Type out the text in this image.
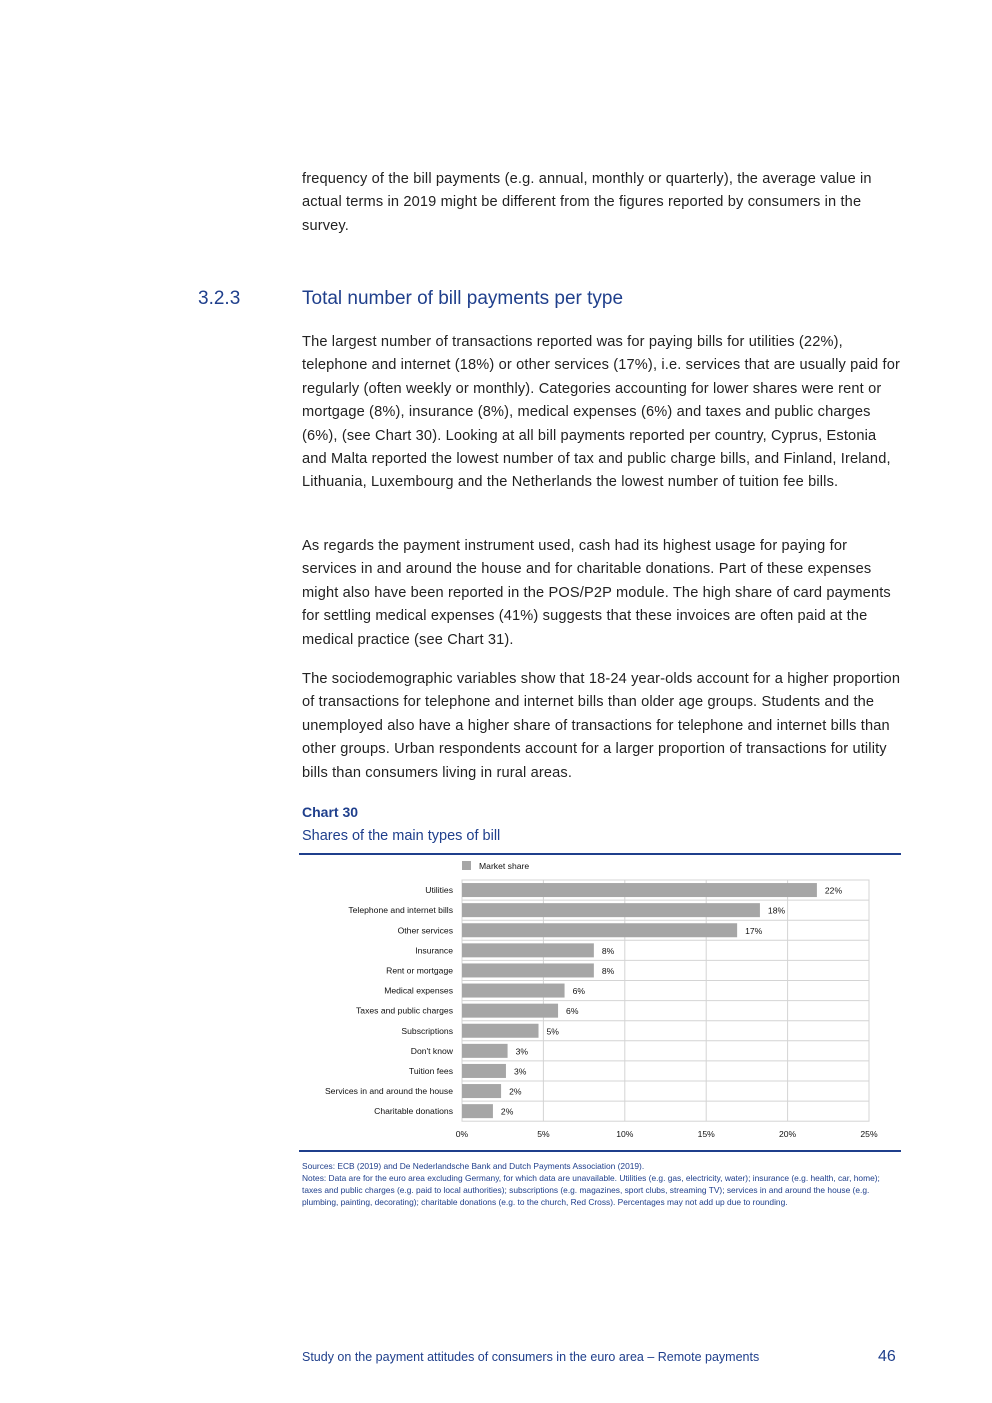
frequency of the bill payments (e.g. annual, monthly or quarterly), the average value in actual terms in 2019 might be different from the figures reported by consumers in the survey.

3.2.3	Total number of bill payments per type

The largest number of transactions reported was for paying bills for utilities (22%), telephone and internet (18%) or other services (17%), i.e. services that are usually paid for regularly (often weekly or monthly). Categories accounting for lower shares were rent or mortgage (8%), insurance (8%), medical expenses (6%) and taxes and public charges (6%), (see Chart 30). Looking at all bill payments reported per country, Cyprus, Estonia and Malta reported the lowest number of tax and public charge bills, and Finland, Ireland, Lithuania, Luxembourg and the Netherlands the lowest number of tuition fee bills.

As regards the payment instrument used, cash had its highest usage for paying for services in and around the house and for charitable donations. Part of these expenses might also have been reported in the POS/P2P module. The high share of card payments for settling medical expenses (41%) suggests that these invoices are often paid at the medical practice (see Chart 31).

The sociodemographic variables show that 18-24 year-olds account for a higher proportion of transactions for telephone and internet bills than older age groups. Students and the unemployed also have a higher share of transactions for telephone and internet bills than other groups. Urban respondents account for a larger proportion of transactions for utility bills than consumers living in rural areas.

Chart 30
Shares of the main types of bill
Market share
Utilities	22%
Telephone and internet bills	18%
Other services	17%
Insurance	8%
Rent or mortgage	8%
Medical expenses	6%
Taxes and public charges	6%
Subscriptions	5%
Don't know	3%
Tuition fees	3%
Services in and around the house	2%
Charitable donations	2%
0%	5%	10%	15%	20%	25%
Sources: ECB (2019) and De Nederlandsche Bank and Dutch Payments Association (2019).
Notes: Data are for the euro area excluding Germany, for which data are unavailable. Utilities (e.g. gas, electricity, water); insurance (e.g. health, car, home); taxes and public charges (e.g. paid to local authorities); subscriptions (e.g. magazines, sport clubs, streaming TV); services in and around the house (e.g. plumbing, painting, decorating); charitable donations (e.g. to the church, Red Cross). Percentages may not add up due to rounding.
Study on the payment attitudes of consumers in the euro area – Remote payments	46
